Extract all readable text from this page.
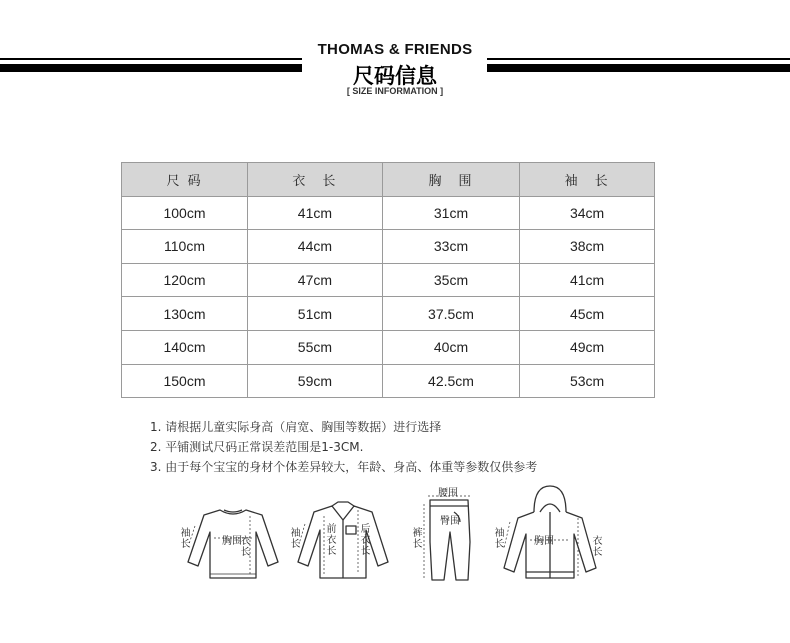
THOMAS & FRIENDS
尺码信息
[ SIZE INFORMATION ]
尺 码	衣　长	胸　围	袖　长
100cm	41cm	31cm	34cm
110cm	44cm	33cm	38cm
120cm	47cm	35cm	41cm
130cm	51cm	37.5cm	45cm
140cm	55cm	40cm	49cm
150cm	59cm	42.5cm	53cm
1. 请根据儿童实际身高（肩宽、胸围等数据）进行选择
2. 平铺测试尺码正常误差范围是1-3CM.
3. 由于每个宝宝的身材个体差异较大，年龄、身高、体重等参数仅供参考
袖
长	胸围
衣
长
袖
长
前
衣
长
后
衣
长
腰围
臀围
裤
长
袖
长	胸围	衣
长
